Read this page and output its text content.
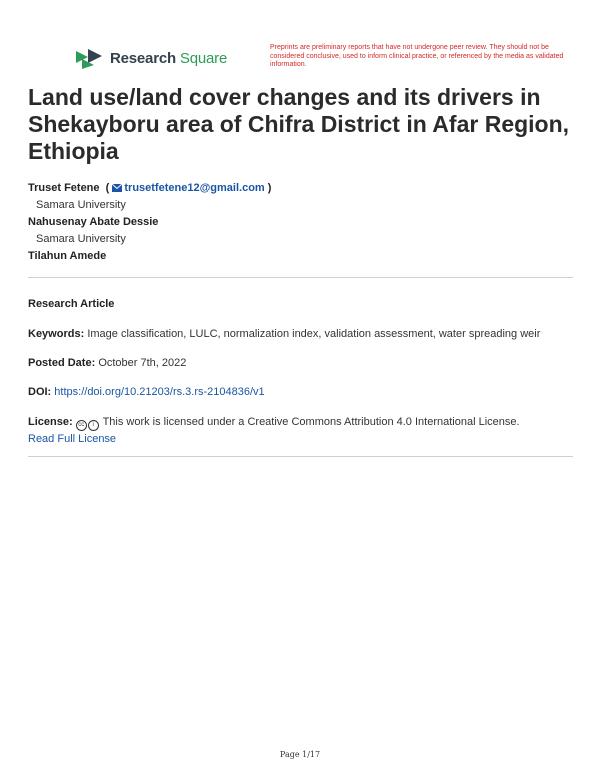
Research Square
Preprints are preliminary reports that have not undergone peer review. They should not be considered conclusive, used to inform clinical practice, or referenced by the media as validated information.
Land use/land cover changes and its drivers in Shekayboru area of Chifra District in Afar Region, Ethiopia
Truset Fetene  ( trusetfetene12@gmail.com )
Samara University
Nahusenay Abate Dessie
Samara University
Tilahun Amede
Research Article
Keywords: Image classification, LULC, normalization index, validation assessment, water spreading weir
Posted Date: October 7th, 2022
DOI: https://doi.org/10.21203/rs.3.rs-2104836/v1
License: cc i This work is licensed under a Creative Commons Attribution 4.0 International License.
Read Full License
Page 1/17
